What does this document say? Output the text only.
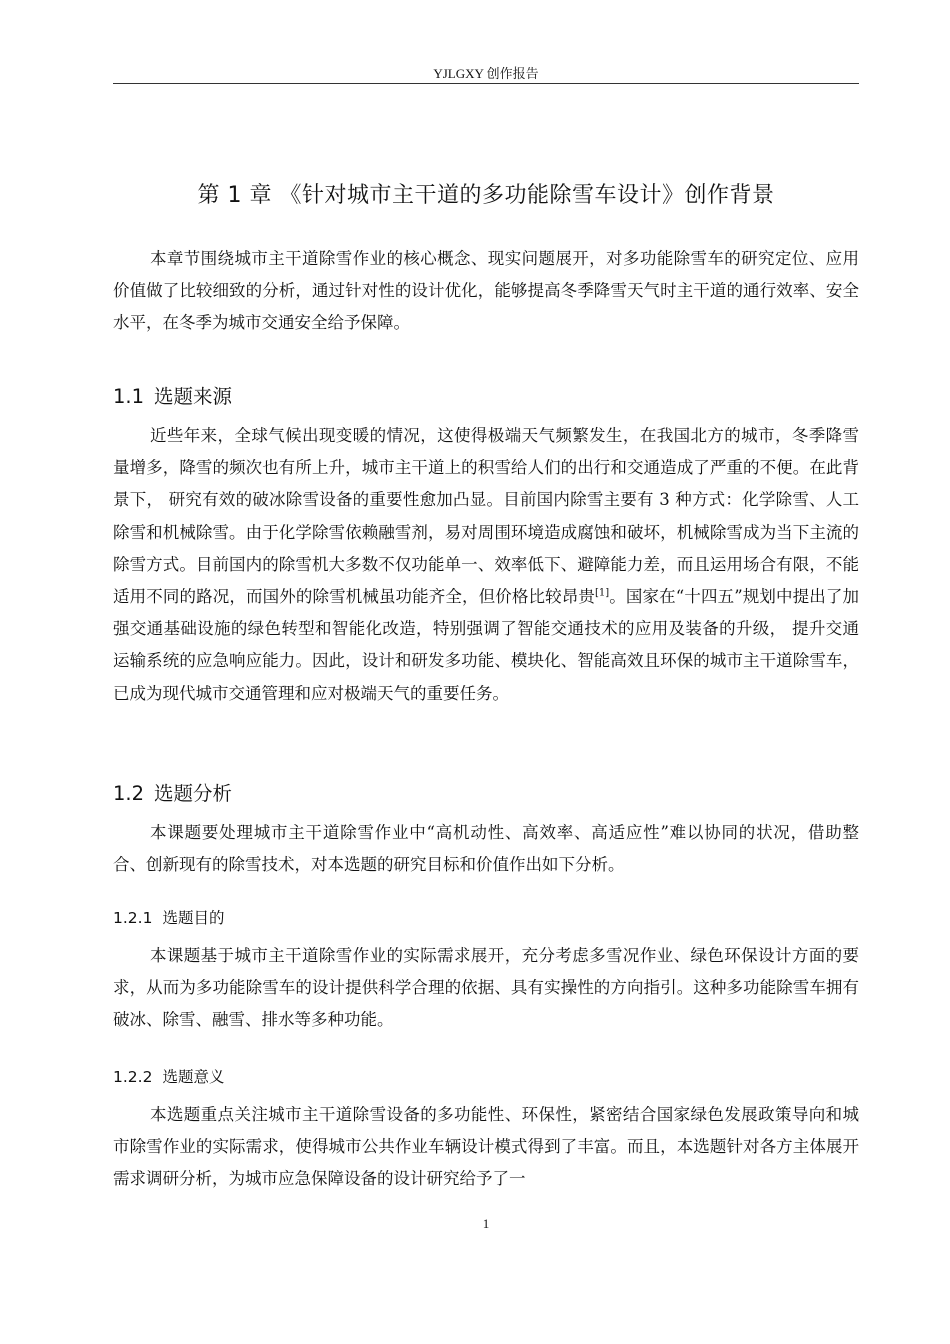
YJLGXY 创作报告
第 1 章 《针对城市主干道的多功能除雪车设计》创作背景
本章节围绕城市主干道除雪作业的核心概念、现实问题展开，对多功能除雪车的研究定位、应用价值做了比较细致的分析，通过针对性的设计优化，能够提高冬季降雪天气时主干道的通行效率、安全水平，在冬季为城市交通安全给予保障。
1.1 选题来源
近些年来，全球气候出现变暖的情况，这使得极端天气频繁发生，在我国北方的城市，冬季降雪量增多，降雪的频次也有所上升，城市主干道上的积雪给人们的出行和交通造成了严重的不便。在此背景下， 研究有效的破冰除雪设备的重要性愈加凸显。目前国内除雪主要有 3 种方式：化学除雪、人工除雪和机械除雪。由于化学除雪依赖融雪剂，易对周围环境造成腐蚀和破坏，机械除雪成为当下主流的除雪方式。目前国内的除雪机大多数不仅功能单一、效率低下、避障能力差，而且运用场合有限，不能适用不同的路况，而国外的除雪机械虽功能齐全，但价格比较昂贵[1]。国家在“十四五”规划中提出了加强交通基础设施的绿色转型和智能化改造，特别强调了智能交通技术的应用及装备的升级， 提升交通运输系统的应急响应能力。因此，设计和研发多功能、模块化、智能高效且环保的城市主干道除雪车， 已成为现代城市交通管理和应对极端天气的重要任务。
1.2 选题分析
本课题要处理城市主干道除雪作业中“高机动性、高效率、高适应性”难以协同的状况，借助整合、创新现有的除雪技术，对本选题的研究目标和价值作出如下分析。
1.2.1 选题目的
本课题基于城市主干道除雪作业的实际需求展开，充分考虑多雪况作业、绿色环保设计方面的要求，从而为多功能除雪车的设计提供科学合理的依据、具有实操性的方向指引。这种多功能除雪车拥有破冰、除雪、融雪、排水等多种功能。
1.2.2 选题意义
本选题重点关注城市主干道除雪设备的多功能性、环保性，紧密结合国家绿色发展政策导向和城市除雪作业的实际需求，使得城市公共作业车辆设计模式得到了丰富。而且，本选题针对各方主体展开需求调研分析，为城市应急保障设备的设计研究给予了一
1
